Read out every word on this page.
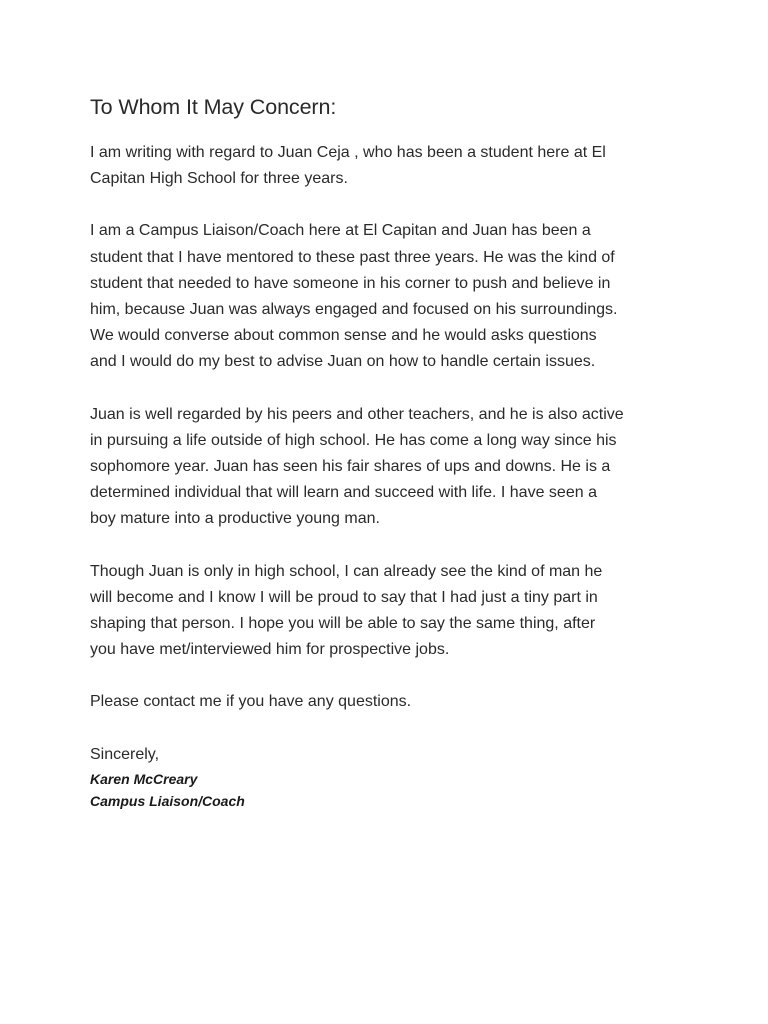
To Whom It May Concern:
I am writing with regard to Juan Ceja , who has been a student here at El
Capitan High School for three years.
I am a Campus Liaison/Coach here at El Capitan and Juan has been a
student that I have mentored to these past three years. He was the kind of
student that needed to have someone in his corner to push and believe in
him, because Juan was always engaged and focused on his surroundings.
We would converse about common sense and he would asks questions
and I would do my best to advise Juan on how to handle certain issues.
Juan is well regarded by his peers and other teachers, and he is also active
in pursuing a life outside of high school. He has come a long way since his
sophomore year. Juan has seen his fair shares of ups and downs. He is a
determined individual that will learn and succeed with life. I have seen a
boy mature into a productive young man.
Though Juan is only in high school, I can already see the kind of man he
will become and I know I will be proud to say that I had just a tiny part in
shaping that person. I hope you will be able to say the same thing, after
you have met/interviewed him for prospective jobs.
Please contact me if you have any questions.

Sincerely,

Karen McCreary

Campus Liaison/Coach
